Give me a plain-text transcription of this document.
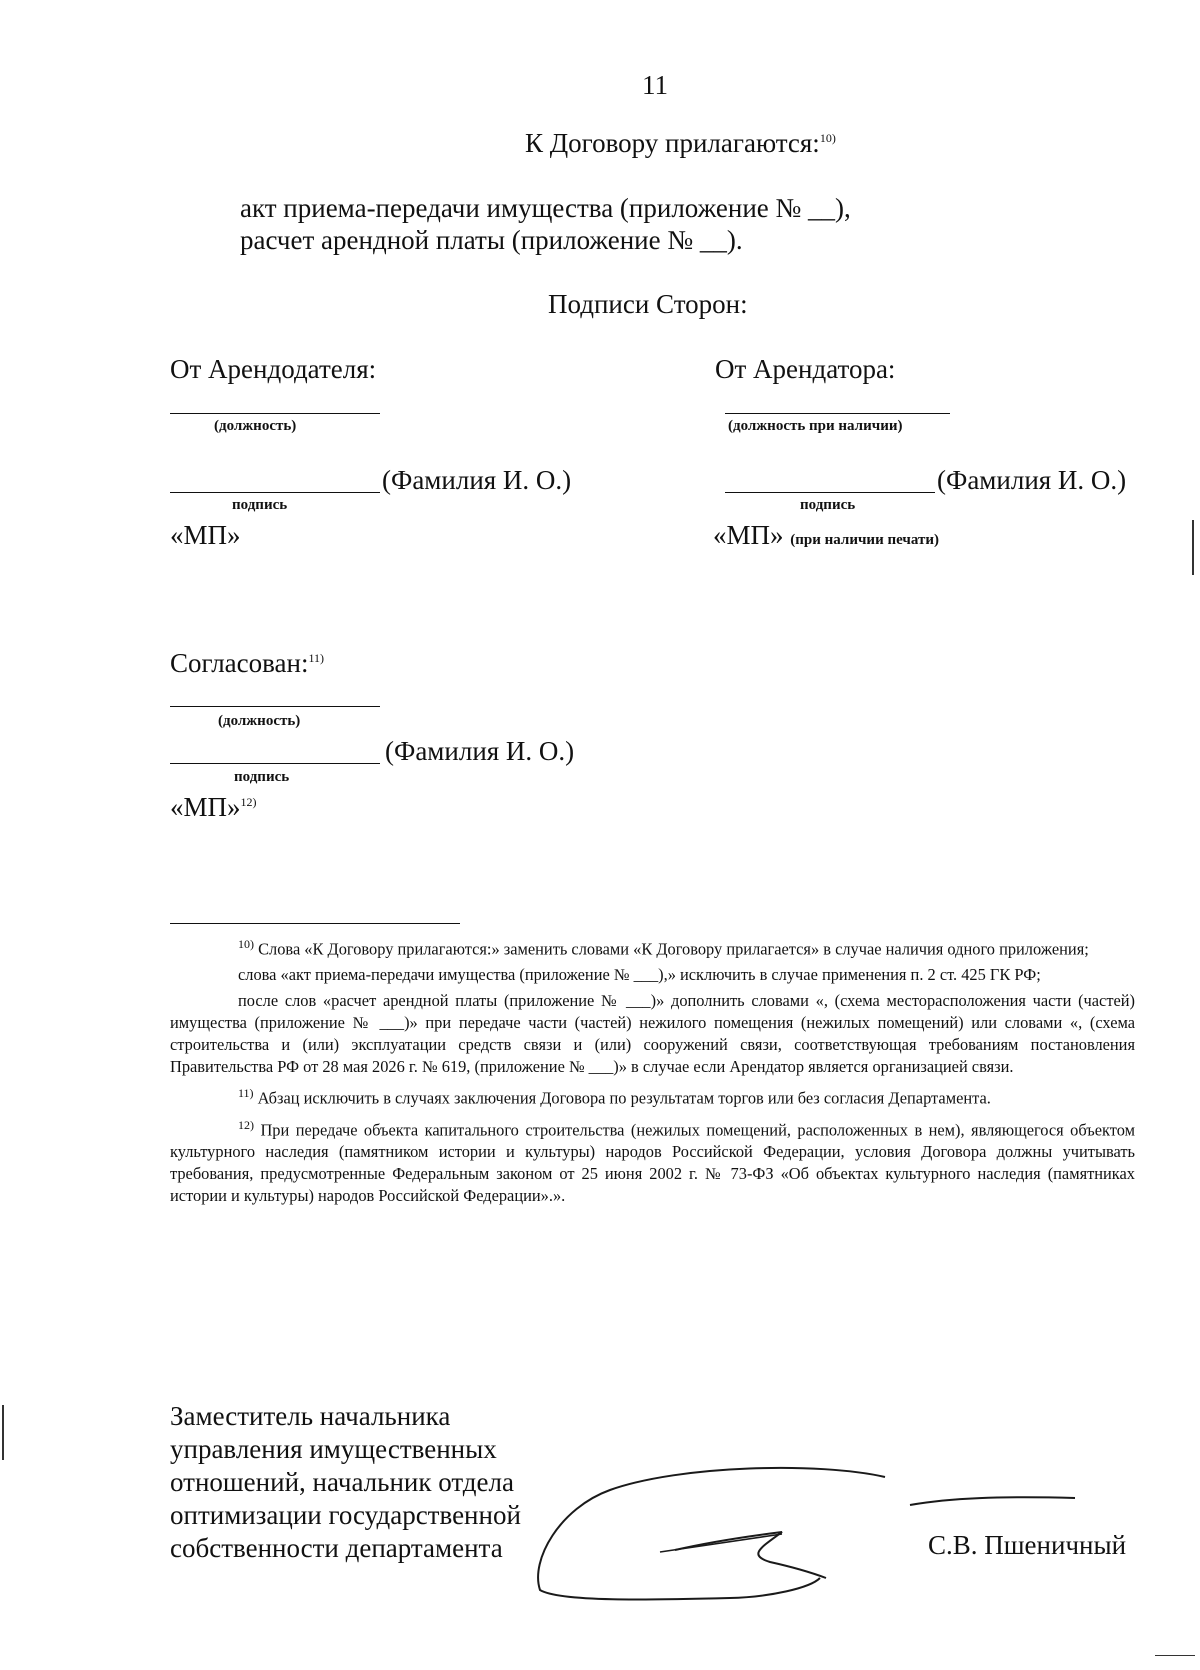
11
К Договору прилагаются:$^{10)}$
акт приема-передачи имущества (приложение № __),
расчет арендной платы (приложение № __).
Подписи Сторон:
От Арендодателя:
(должность)
(Фамилия И. О.)
подпись
«МП»
От Арендатора:
(должность при наличии)
(Фамилия И. О.)
подпись
«МП» (при наличии печати)
Согласован:$^{11)}$
(должность)
(Фамилия И. О.)
подпись
«МП»$^{12)}$

$^{10)}$ Слова «К Договору прилагаются:» заменить словами «К Договору прилагается» в случае наличия одного приложения;

слова «акт приема-передачи имущества (приложение № ___),» исключить в случае применения п. 2 ст. 425 ГК РФ;

после слов «расчет арендной платы (приложение № ___)» дополнить словами «, (схема месторасположения части (частей) имущества (приложение № ___)» при передаче части (частей) нежилого помещения (нежилых помещений) или словами «, (схема строительства и (или) эксплуатации средств связи и (или) сооружений связи, соответствующая требованиям постановления Правительства РФ от 28 мая 2026 г. № 619, (приложение № ___)» в случае если Арендатор является организацией связи.

$^{11)}$ Абзац исключить в случаях заключения Договора по результатам торгов или без согласия Департамента.

$^{12)}$ При передаче объекта капитального строительства (нежилых помещений, расположенных в нем), являющегося объектом культурного наследия (памятником истории и культуры) народов Российской Федерации, условия Договора должны учитывать требования, предусмотренные Федеральным законом от 25 июня 2002 г. № 73-ФЗ «Об объектах культурного наследия (памятниках истории и культуры) народов Российской Федерации».».

Заместитель начальника
управления имущественных
отношений, начальник отдела
оптимизации государственной
собственности департамента	С.В. Пшеничный
